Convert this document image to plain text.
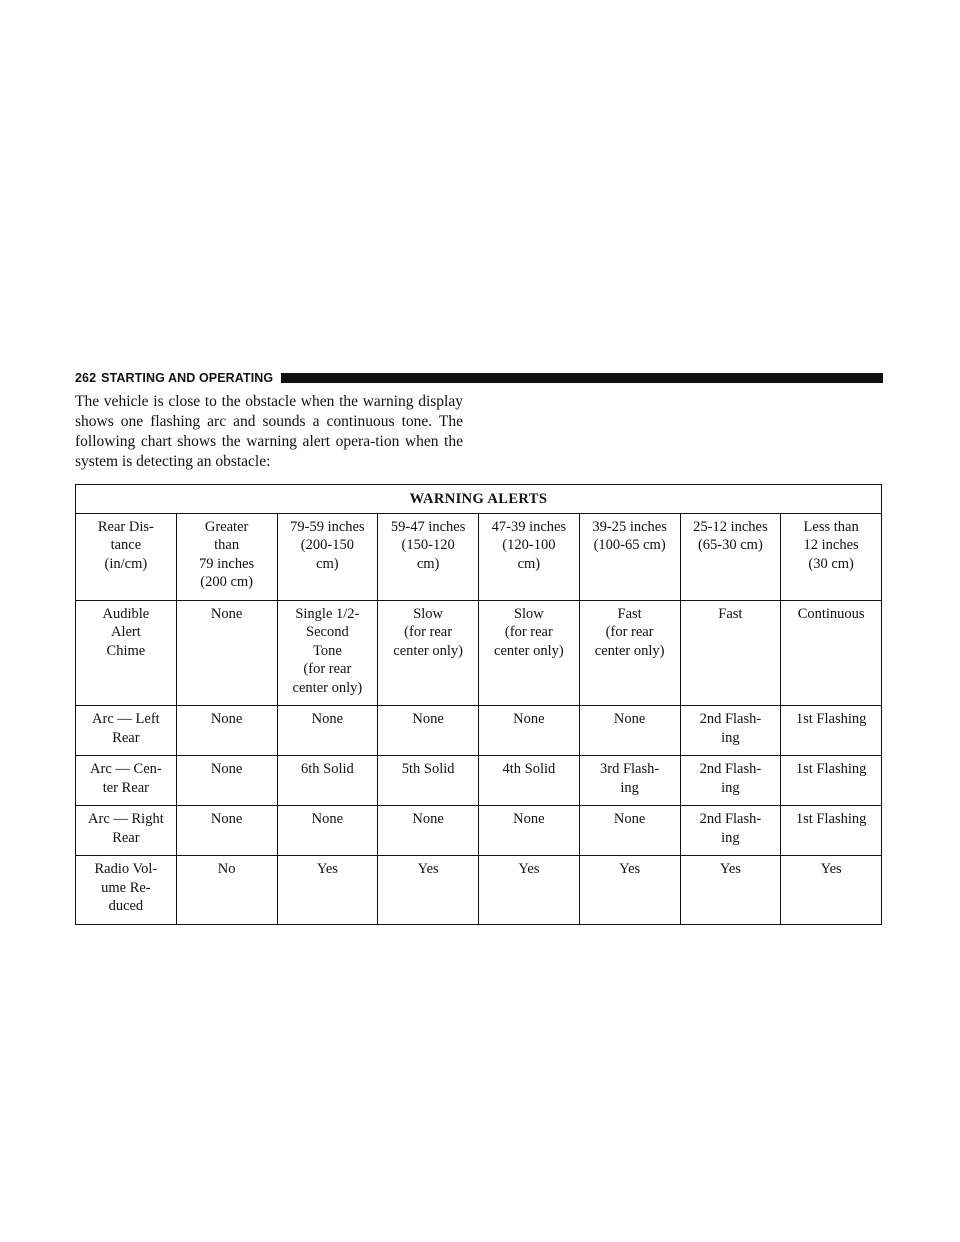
262 STARTING AND OPERATING

The vehicle is close to the obstacle when the warning display shows one flashing arc and sounds a continuous tone. The following chart shows the warning alert opera-tion when the system is detecting an obstacle:

WARNING ALERTS							

Rear Dis-
tance
(in/cm)	Greater
than
79 inches
(200 cm)	79-59 inches
(200-150
cm)	59-47 inches
(150-120
cm)	47-39 inches
(120-100
cm)	39-25 inches
(100-65 cm)	25-12 inches
(65-30 cm)	Less than
12 inches
(30 cm)

Audible
Alert
Chime	None	Single 1/2-
Second
Tone
(for rear
center only)	Slow
(for rear
center only)	Slow
(for rear
center only)	Fast
(for rear
center only)	Fast	Continuous

Arc — Left
Rear	None	None	None	None	None	2nd Flash-
ing	1st Flashing

Arc — Cen-
ter Rear	None	6th Solid	5th Solid	4th Solid	3rd Flash-
ing	2nd Flash-
ing	1st Flashing

Arc — Right
Rear	None	None	None	None	None	2nd Flash-
ing	1st Flashing

Radio Vol-
ume Re-
duced	No	Yes	Yes	Yes	Yes	Yes	Yes
